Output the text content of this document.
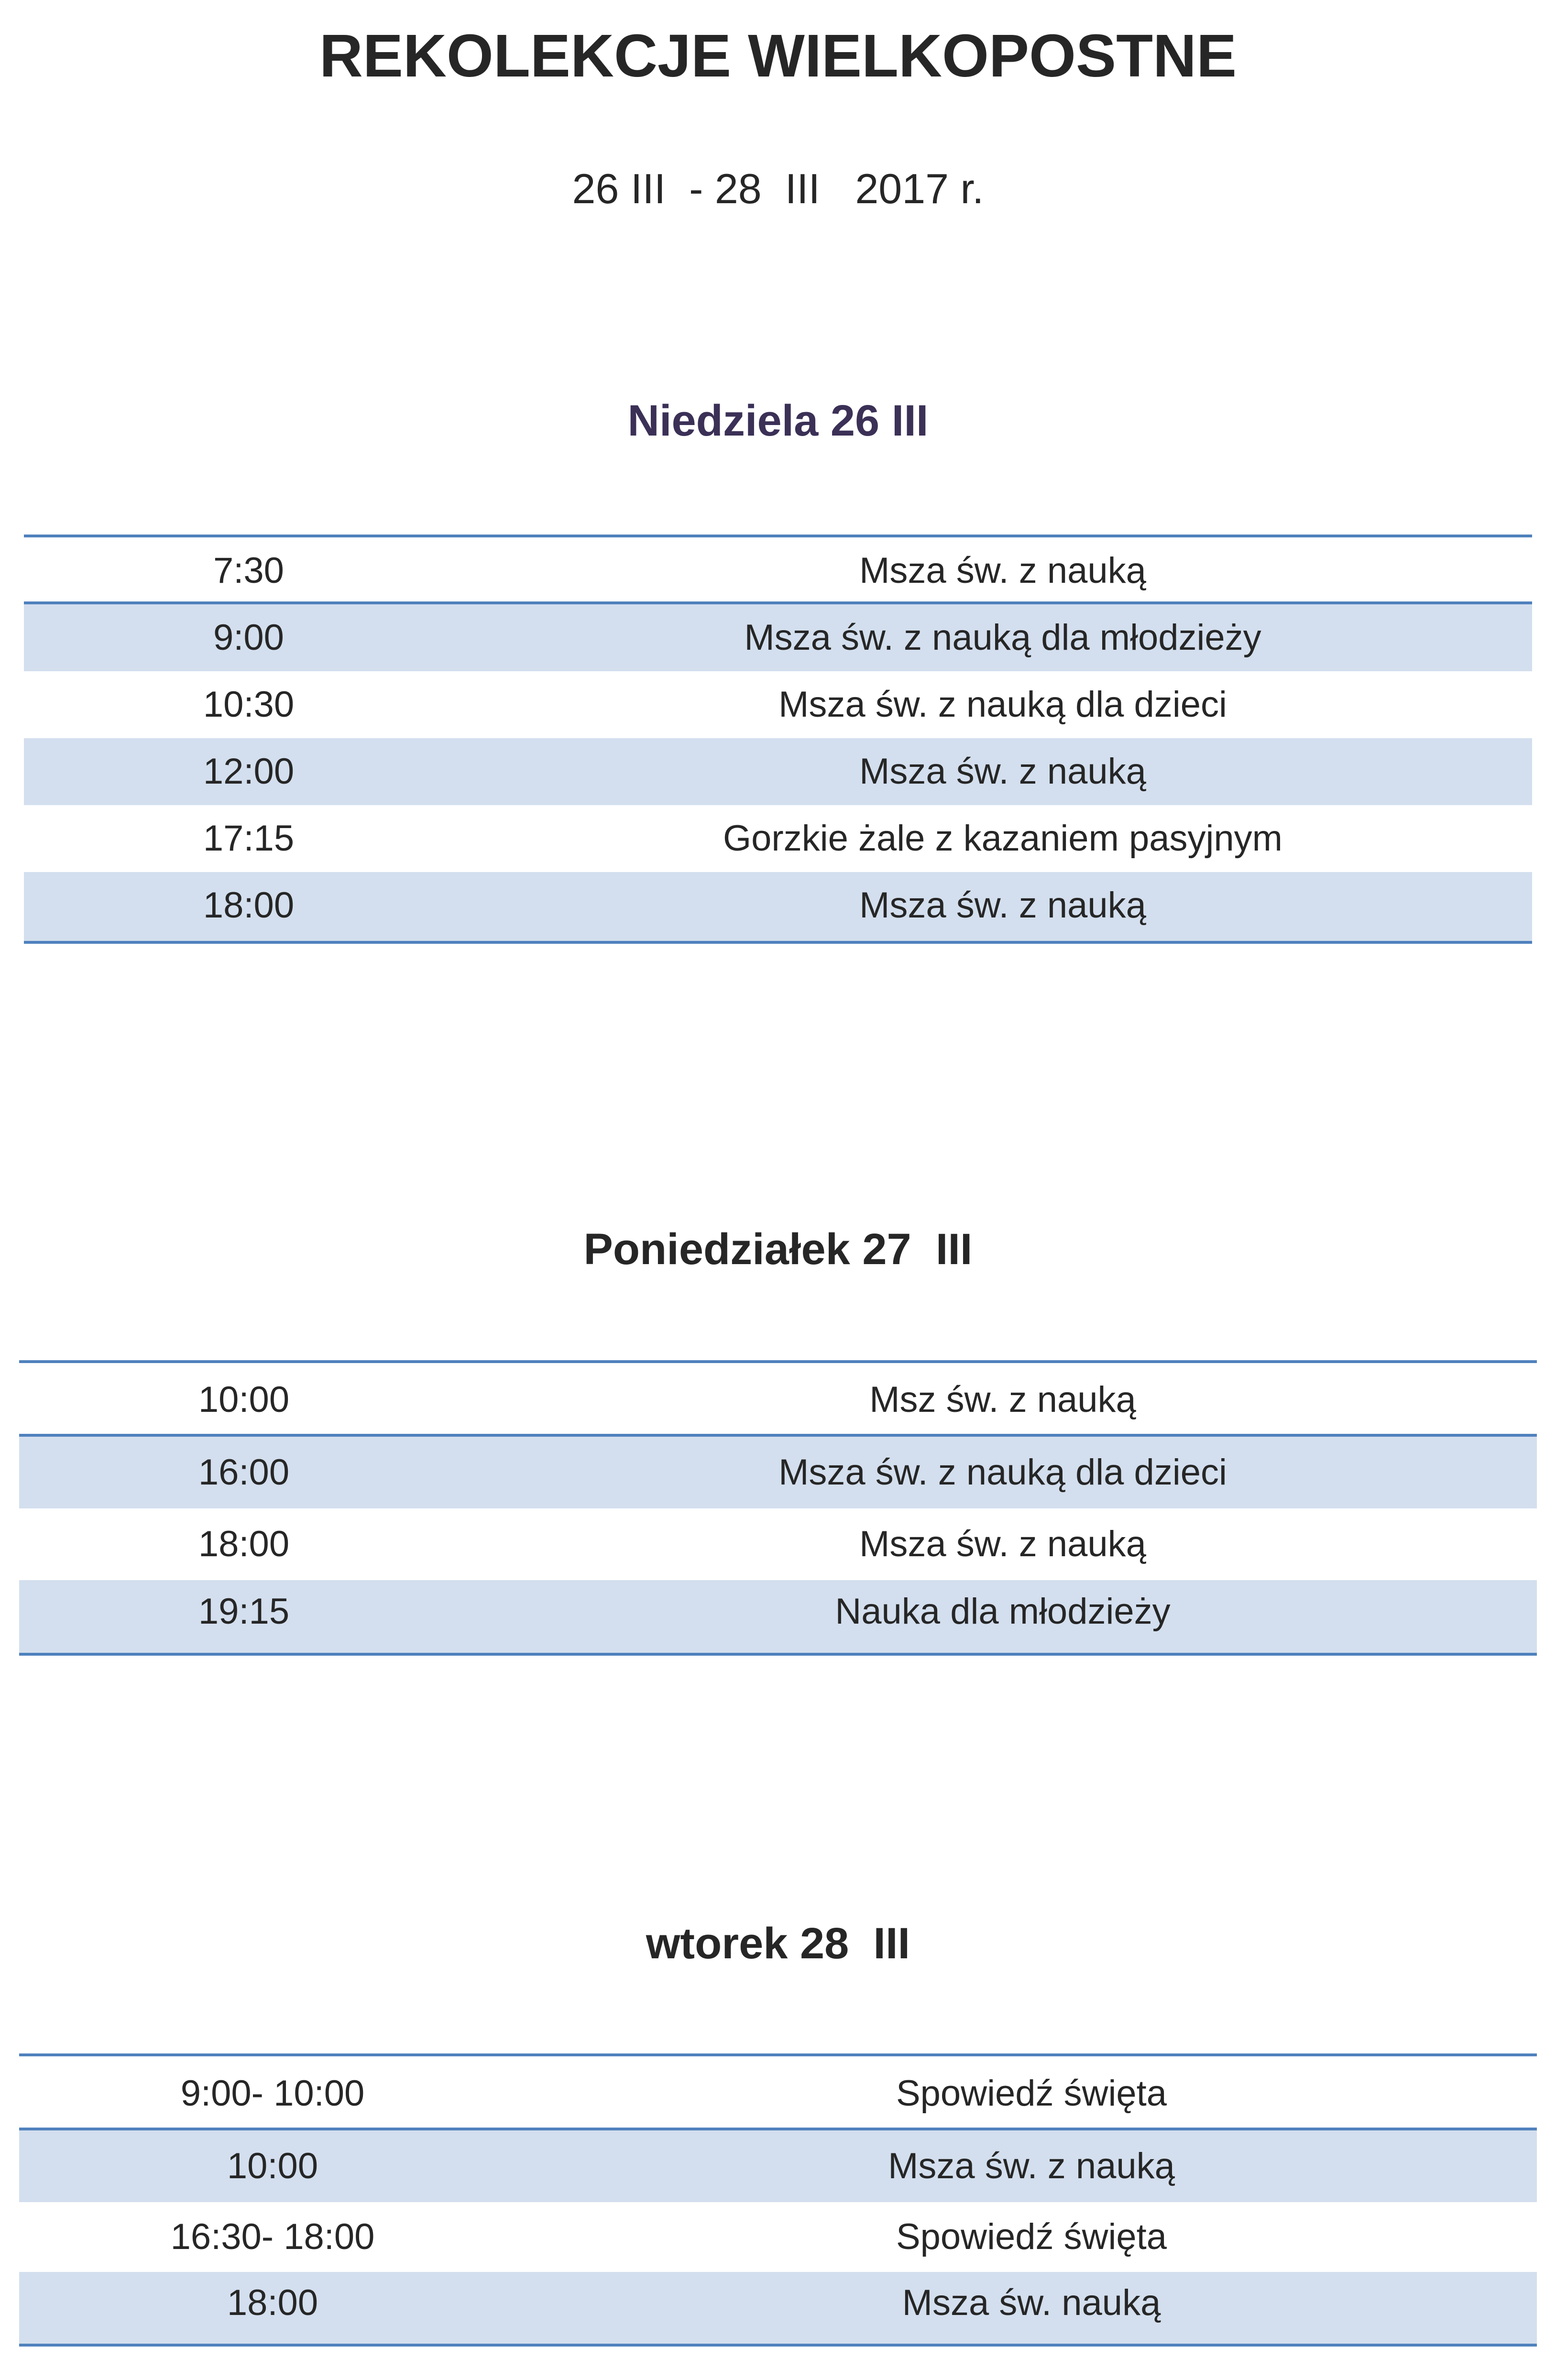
REKOLEKCJE WIELKOPOSTNE
26 III  - 28  III   2017 r.
Niedziela 26 III
7:30	Msza św. z nauką
9:00	Msza św. z nauką dla młodzieży
10:30	Msza św. z nauką dla dzieci
12:00	Msza św. z nauką
17:15	Gorzkie żale z kazaniem pasyjnym
18:00	Msza św. z nauką
Poniedziałek 27  III
10:00	Msz św. z nauką
16:00	Msza św. z nauką dla dzieci
18:00	Msza św. z nauką
19:15	Nauka dla młodzieży
wtorek 28  III
9:00- 10:00	Spowiedź święta
10:00	Msza św. z nauką
16:30- 18:00	Spowiedź święta
18:00	Msza św. nauką
